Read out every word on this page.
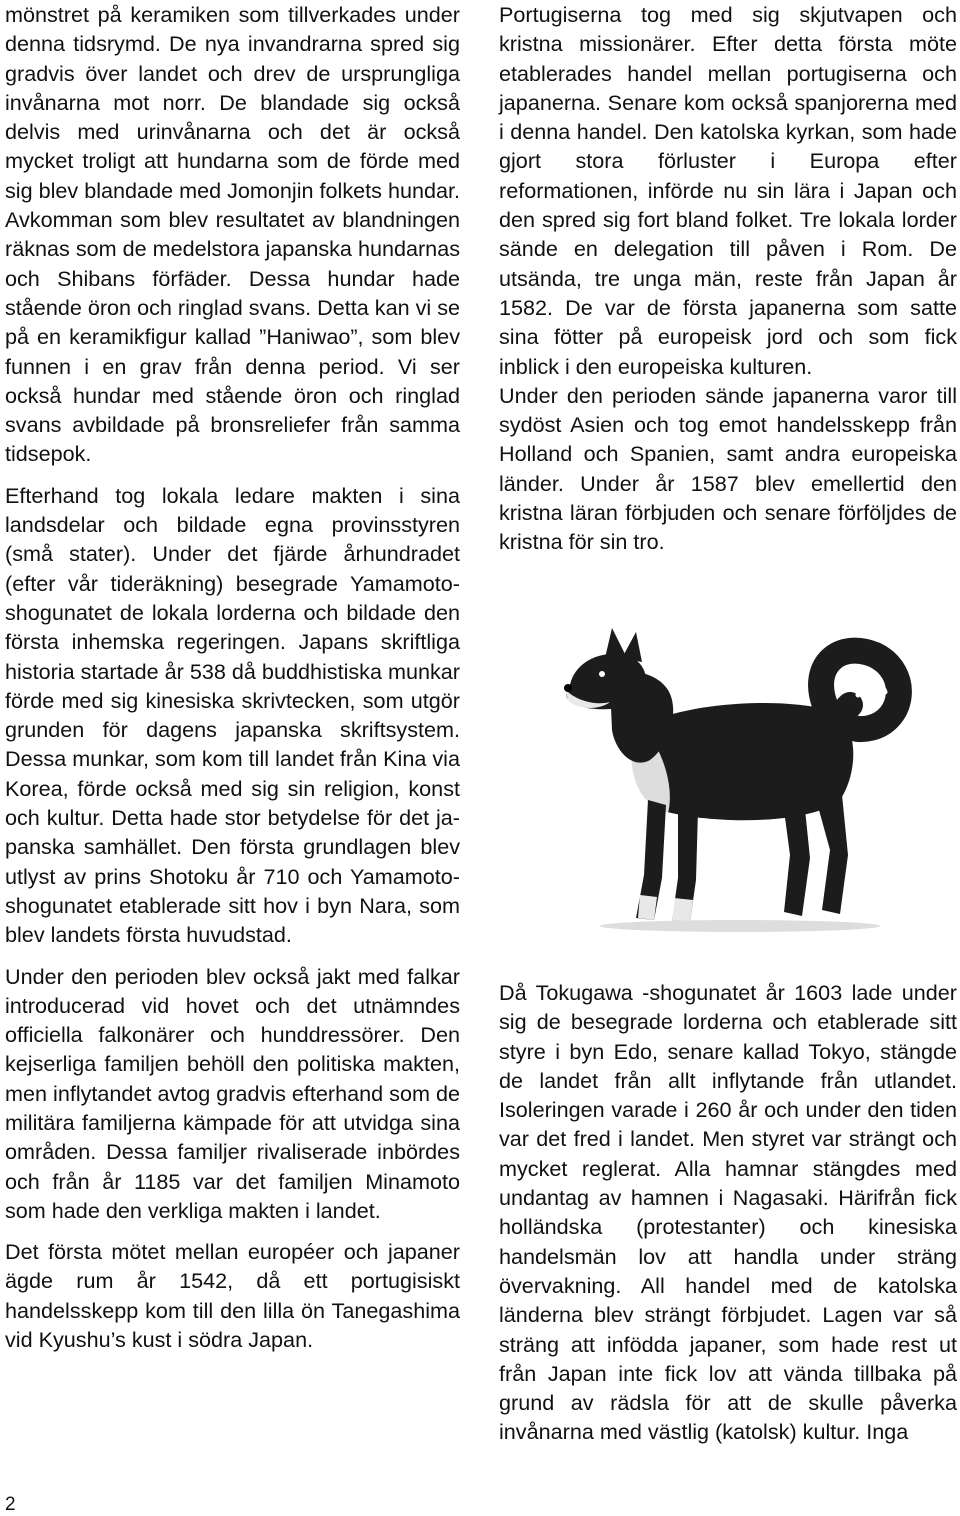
mönstret på keramiken som tillverkades under denna tidsrymd. De nya invandrarna spred sig gradvis över landet och drev de ursprungliga invånarna mot norr. De blandade sig också delvis med urinvånarna och det är också mycket troligt att hundarna som de förde med sig blev blandade med Jomonjin folkets hundar. Avkomman som blev resultatet av blandningen räknas som de medelstora japanska hundarnas och Shibans förfäder. Dessa hundar hade stående öron och ringlad svans. Detta kan vi se på en keramikfigur kallad ”Haniwao”, som blev funnen i en grav från denna period. Vi ser också hundar med stående öron och ringlad svans avbildade på bronsreliefer från samma tidsepok.

Efterhand tog lokala ledare makten i sina landsdelar och bildade egna provinsstyren (små stater). Under det fjärde århundradet (efter vår tideräkning) besegrade Yamamoto-shogunatet de lokala lorderna och bildade den första inhemska regeringen. Japans skriftliga historia startade år 538 då buddhistiska munkar förde med sig kinesiska skrivtecken, som utgör grunden för dagens japanska skriftsystem. Dessa munkar, som kom till landet från Kina via Korea, förde också med sig sin religion, konst och kultur. Detta hade stor betydelse för det japanska samhället. Den första grundlagen blev utlyst av prins Shotoku år 710 och Yamamoto-shogunatet etablerade sitt hov i byn Nara, som blev landets första huvudstad.

Under den perioden blev också jakt med falkar introducerad vid hovet och det utnämndes officiella falkonärer och hunddressörer. Den kejserliga familjen behöll den politiska makten, men inflytandet avtog gradvis efterhand som de militära familjerna kämpade för att utvidga sina områden. Dessa familjer rivaliserade inbördes och från år 1185 var det familjen Minamoto som hade den verkliga makten i landet.

Det första mötet mellan européer och japaner ägde rum år 1542, då ett portugisiskt handelsskepp kom till den lilla ön Tanegashima vid Kyushu’s kust i södra Japan.

Portugiserna tog med sig skjutvapen och kristna missionärer. Efter detta första möte etablerades handel mellan portugiserna och japanerna. Senare kom också spanjorerna med i denna handel. Den katolska kyrkan, som hade gjort stora förluster i Europa efter reformationen, införde nu sin lära i Japan och den spred sig fort bland folket. Tre lokala lorder sände en delegation till påven i Rom. De utsända, tre unga män, reste från Japan år 1582. De var de första japanerna som satte sina fötter på europeisk jord och som fick inblick i den europeiska kulturen.

Under den perioden sände japanerna varor till sydöst Asien och tog emot handelsskepp från Holland och Spanien, samt andra europeiska länder. Under år 1587 blev emellertid den kristna läran förbjuden och senare förföljdes de kristna för sin tro.

Då Tokugawa -shogunatet år 1603 lade under sig de besegrade lorderna och etablerade sitt styre i byn Edo, senare kallad Tokyo, stängde de landet från allt inflytande från utlandet. Isoleringen varade i 260 år och under den tiden var det fred i landet. Men styret var strängt och mycket reglerat. Alla hamnar stängdes med undantag av hamnen i Nagasaki. Härifrån fick holländska (protestanter) och kinesiska handelsmän lov att handla under sträng övervakning. All handel med de katolska länderna blev strängt förbjudet. Lagen var så sträng att infödda japaner, som hade rest ut från Japan inte fick lov att vända tillbaka på grund av rädsla för att de skulle påverka invånarna med västlig (katolsk) kultur. Inga

2
